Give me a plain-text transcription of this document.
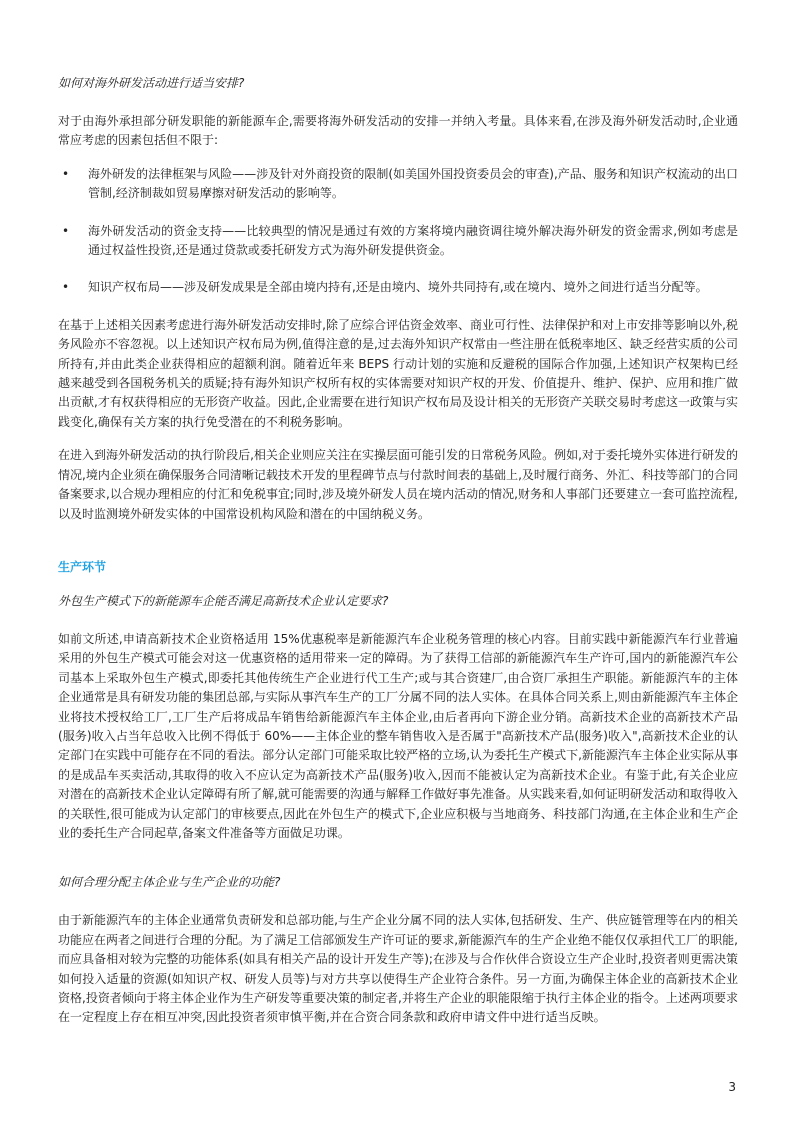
如何对海外研发活动进行适当安排?

对于由海外承担部分研发职能的新能源车企,需要将海外研发活动的安排一并纳入考量。具体来看,在涉及海外研发活动时,企业通常应考虑的因素包括但不限于:

• 海外研发的法律框架与风险——涉及针对外商投资的限制(如美国外国投资委员会的审查),产品、服务和知识产权流动的出口管制,经济制裁如贸易摩擦对研发活动的影响等。
• 海外研发活动的资金支持——比较典型的情况是通过有效的方案将境内融资调往境外解决海外研发的资金需求,例如考虑是通过权益性投资,还是通过贷款或委托研发方式为海外研发提供资金。
• 知识产权布局——涉及研发成果是全部由境内持有,还是由境内、境外共同持有,或在境内、境外之间进行适当分配等。

在基于上述相关因素考虑进行海外研发活动安排时,除了应综合评估资金效率、商业可行性、法律保护和对上市安排等影响以外,税务风险亦不容忽视。以上述知识产权布局为例,值得注意的是,过去海外知识产权常由一些注册在低税率地区、缺乏经营实质的公司所持有,并由此类企业获得相应的超额利润。随着近年来 BEPS 行动计划的实施和反避税的国际合作加强,上述知识产权架构已经越来越受到各国税务机关的质疑;持有海外知识产权所有权的实体需要对知识产权的开发、价值提升、维护、保护、应用和推广做出贡献,才有权获得相应的无形资产收益。因此,企业需要在进行知识产权布局及设计相关的无形资产关联交易时考虑这一政策与实践变化,确保有关方案的执行免受潜在的不利税务影响。

在进入到海外研发活动的执行阶段后,相关企业则应关注在实操层面可能引发的日常税务风险。例如,对于委托境外实体进行研发的情况,境内企业须在确保服务合同清晰记载技术开发的里程碑节点与付款时间表的基础上,及时履行商务、外汇、科技等部门的合同备案要求,以合规办理相应的付汇和免税事宜;同时,涉及境外研发人员在境内活动的情况,财务和人事部门还要建立一套可监控流程,以及时监测境外研发实体的中国常设机构风险和潜在的中国纳税义务。

生产环节

外包生产模式下的新能源车企能否满足高新技术企业认定要求?

如前文所述,申请高新技术企业资格适用 15%优惠税率是新能源汽车企业税务管理的核心内容。目前实践中新能源汽车行业普遍采用的外包生产模式可能会对这一优惠资格的适用带来一定的障碍。为了获得工信部的新能源汽车生产许可,国内的新能源汽车公司基本上采取外包生产模式,即委托其他传统生产企业进行代工生产;或与其合资建厂,由合资厂承担生产职能。新能源汽车的主体企业通常是具有研发功能的集团总部,与实际从事汽车生产的工厂分属不同的法人实体。在具体合同关系上,则由新能源汽车主体企业将技术授权给工厂,工厂生产后将成品车销售给新能源汽车主体企业,由后者再向下游企业分销。高新技术企业的高新技术产品(服务)收入占当年总收入比例不得低于 60%——主体企业的整车销售收入是否属于"高新技术产品(服务)收入",高新技术企业的认定部门在实践中可能存在不同的看法。部分认定部门可能采取比较严格的立场,认为委托生产模式下,新能源汽车主体企业实际从事的是成品车买卖活动,其取得的收入不应认定为高新技术产品(服务)收入,因而不能被认定为高新技术企业。有鉴于此,有关企业应对潜在的高新技术企业认定障碍有所了解,就可能需要的沟通与解释工作做好事先准备。从实践来看,如何证明研发活动和取得收入的关联性,很可能成为认定部门的审核要点,因此在外包生产的模式下,企业应积极与当地商务、科技部门沟通,在主体企业和生产企业的委托生产合同起草,备案文件准备等方面做足功课。

如何合理分配主体企业与生产企业的功能?

由于新能源汽车的主体企业通常负责研发和总部功能,与生产企业分属不同的法人实体,包括研发、生产、供应链管理等在内的相关功能应在两者之间进行合理的分配。为了满足工信部颁发生产许可证的要求,新能源汽车的生产企业绝不能仅仅承担代工厂的职能,而应具备相对较为完整的功能体系(如具有相关产品的设计开发生产等);在涉及与合作伙伴合资设立生产企业时,投资者则更需决策如何投入适量的资源(如知识产权、研发人员等)与对方共享以使得生产企业符合条件。另一方面,为确保主体企业的高新技术企业资格,投资者倾向于将主体企业作为生产研发等重要决策的制定者,并将生产企业的职能限缩于执行主体企业的指令。上述两项要求在一定程度上存在相互冲突,因此投资者须审慎平衡,并在合资合同条款和政府申请文件中进行适当反映。

3
